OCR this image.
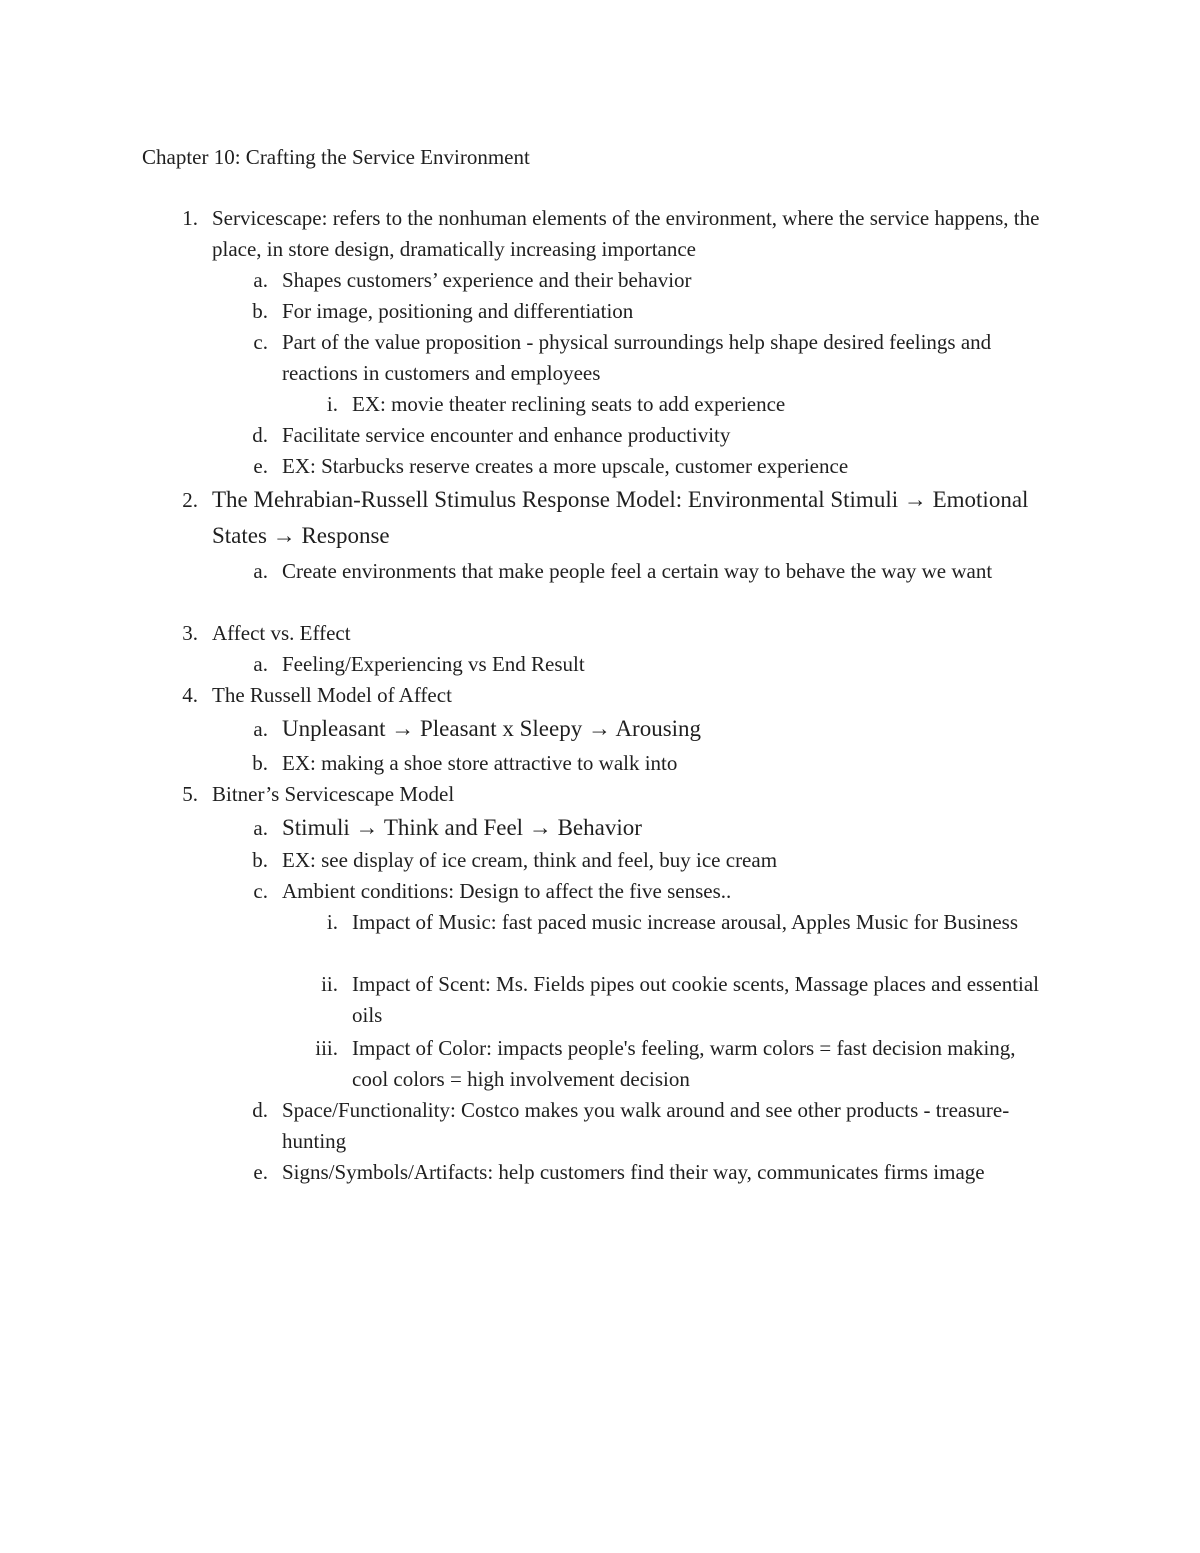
Chapter 10: Crafting the Service Environment
1. Servicescape: refers to the nonhuman elements of the environment, where the service happens, the place, in store design, dramatically increasing importance
a. Shapes customers’ experience and their behavior
b. For image, positioning and differentiation
c. Part of the value proposition - physical surroundings help shape desired feelings and reactions in customers and employees
i. EX: movie theater reclining seats to add experience
d. Facilitate service encounter and enhance productivity
e. EX: Starbucks reserve creates a more upscale, customer experience
2. The Mehrabian-Russell Stimulus Response Model: Environmental Stimuli → Emotional States → Response
a. Create environments that make people feel a certain way to behave the way we want
3. Affect vs. Effect
a. Feeling/Experiencing vs End Result
4. The Russell Model of Affect
a. Unpleasant → Pleasant x Sleepy → Arousing
b. EX: making a shoe store attractive to walk into
5. Bitner’s Servicescape Model
a. Stimuli → Think and Feel → Behavior
b. EX: see display of ice cream, think and feel, buy ice cream
c. Ambient conditions: Design to affect the five senses..
i. Impact of Music: fast paced music increase arousal, Apples Music for Business
ii. Impact of Scent: Ms. Fields pipes out cookie scents, Massage places and essential oils
iii. Impact of Color: impacts people's feeling, warm colors = fast decision making, cool colors = high involvement decision
d. Space/Functionality: Costco makes you walk around and see other products - treasure-hunting
e. Signs/Symbols/Artifacts: help customers find their way, communicates firms image
